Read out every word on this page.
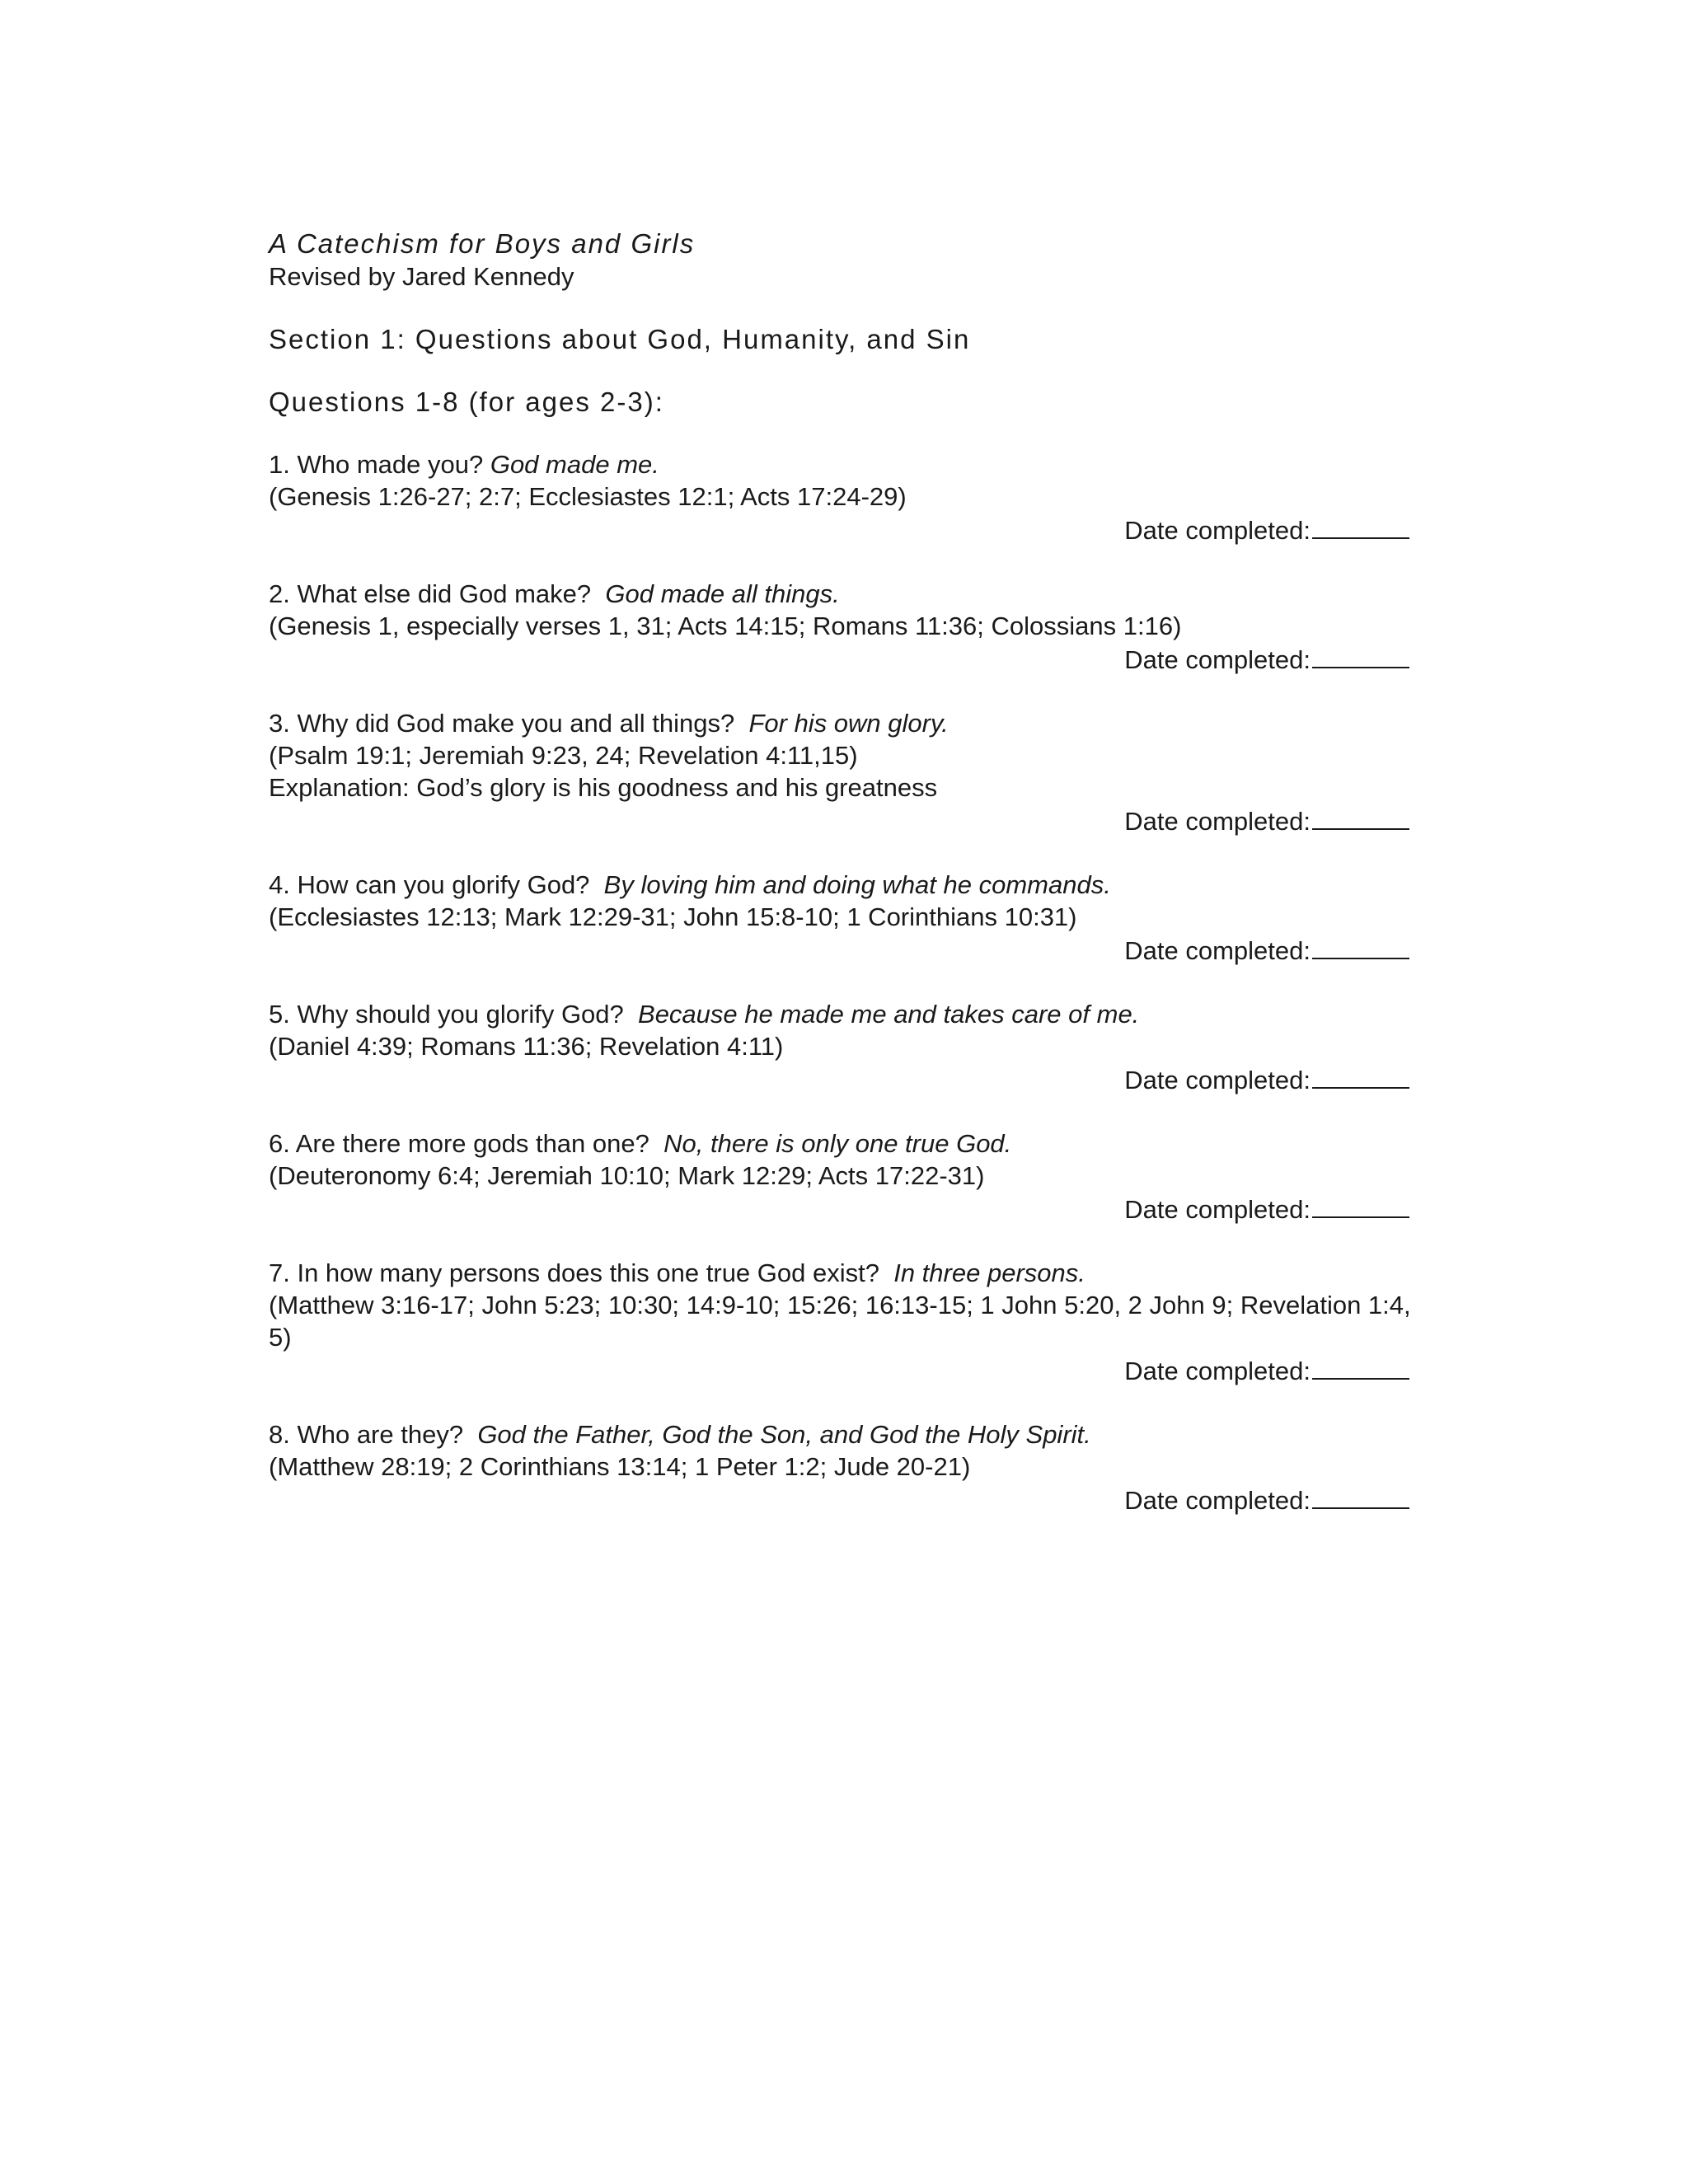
A Catechism for Boys and Girls

Revised by Jared Kennedy

Section 1: Questions about God, Humanity, and Sin

Questions 1-8 (for ages 2-3):

1. Who made you? God made me.

(Genesis 1:26-27; 2:7; Ecclesiastes 12:1; Acts 17:24-29)

Date completed:

2. What else did God make? God made all things.

(Genesis 1, especially verses 1, 31; Acts 14:15; Romans 11:36; Colossians 1:16)

Date completed:

3. Why did God make you and all things? For his own glory.

(Psalm 19:1; Jeremiah 9:23, 24; Revelation 4:11,15)

Explanation: God’s glory is his goodness and his greatness

Date completed:

4. How can you glorify God? By loving him and doing what he commands.

(Ecclesiastes 12:13; Mark 12:29-31; John 15:8-10; 1 Corinthians 10:31)

Date completed:

5. Why should you glorify God? Because he made me and takes care of me.

(Daniel 4:39; Romans 11:36; Revelation 4:11)

Date completed:

6. Are there more gods than one? No, there is only one true God.

(Deuteronomy 6:4; Jeremiah 10:10; Mark 12:29; Acts 17:22-31)

Date completed:

7. In how many persons does this one true God exist? In three persons.

(Matthew 3:16-17; John 5:23; 10:30; 14:9-10; 15:26; 16:13-15; 1 John 5:20, 2 John 9; Revelation 1:4, 5)

Date completed:

8. Who are they? God the Father, God the Son, and God the Holy Spirit.

(Matthew 28:19; 2 Corinthians 13:14; 1 Peter 1:2; Jude 20-21)

Date completed:
